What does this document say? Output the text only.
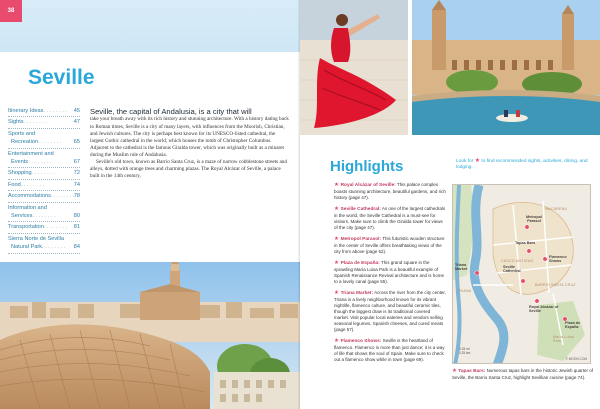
38
Seville
Itinerary Ideas . . . . . . . .	45
Sights . . . . . . . .	47
Sports and
Recreation . . . . . . . .	65
Entertainment and
Events . . . . . . . .	67
Shopping . . . . . . . .	72
Food . . . . . . . .	74
Accommodations . . . . . . . . 78
Information and
Services . . . . . . . .	80
Transportation . . . . . . . .	81
Sierra Norte de Sevilla
Natural Park . . . . . . . .	84

Seville, the capital of Andalusia, is a city that will

take your breath away with its rich history and stunning architecture. With a history dating back to Roman times, Seville is a city of many layers, with influences from the Moorish, Christian, and Jewish cultures. The city is perhaps best known for its UNESCO-listed cathedral, the largest Gothic cathedral in the world, which houses the tomb of Christopher Columbus. Adjacent to the cathedral is the famous Giralda tower, which was originally built as a minaret during the Muslim rule of Andalusia.

Seville's old town, known as Barrio Santa Cruz, is a maze of narrow cobblestone streets and alleys, dotted with orange trees and charming plazas. The Royal Alcázar of Seville, a palace built in the 14th century,

Highlights	Look for ★ to find recommended sights, activities, dining, and lodging.
★ Royal Alcázar of Seville: This palace complex boasts stunning architecture, beautiful gardens, and rich history (page 47).
★ Seville Cathedral: As one of the largest cathedrals in the world, the Seville Cathedral is a must-see for visitors. Make sure to climb the Giralda tower for views of the city (page 47).
★ Metropol Parasol: This futuristic wooden structure in the center of Seville offers breathtaking views of the city from above (page 52).
★ Plaza de España: This grand square in the sprawling María Luisa Park is a beautiful example of Spanish Renaissance Revival architecture and is home to a lovely canal (page 55).
★ Triana Market: Across the river from the city center, Triana is a lively neighborhood known for its vibrant nightlife, flamenco culture, and beautiful ceramic tiles, though the biggest draw is its traditional covered market. Visit popular local eateries and vendors selling seasonal legumes, Spanish cheeses, and cured meats (page 57).
★ Flamenco Shows: Seville is the heartland of flamenco. Flamenco is more than just dance; it is a way of life that shows the soul of Spain. Make sure to check out a flamenco show while in town (page 69).
MACARENA
CASCO ANTIGUO
TRIANA
BARRIO SANTA CRUZ
Metropol Parasol
Tapas Bars
Flamenco Shows
Triana Market
Seville Cathedral
Royal Alcázar of Seville
Plaza de España
María Luisa Park
0.25 mi
0.25 km
© MOON.COM
★ Tapas Bars: Numerous tapas bars in the historic Jewish quarter of Seville, the Barrio Santa Cruz, highlight Sevillian cuisine (page 74).
